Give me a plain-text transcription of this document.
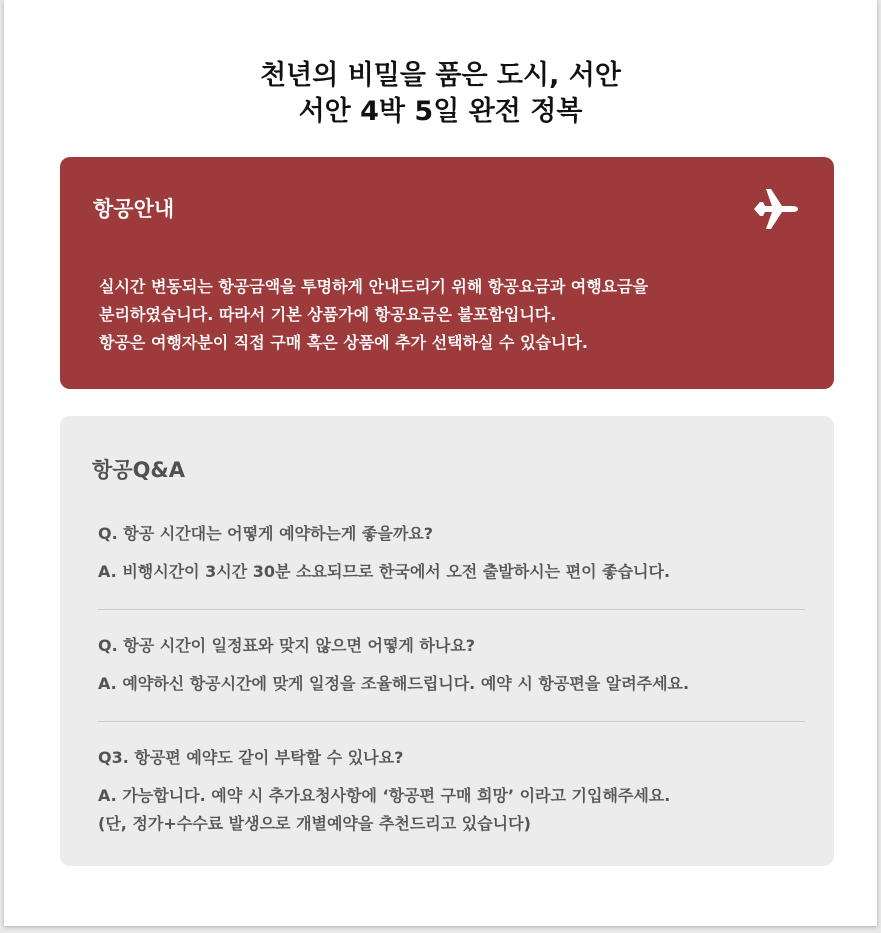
천년의 비밀을 품은 도시, 서안
서안 4박 5일 완전 정복
항공안내
실시간 변동되는 항공금액을 투명하게 안내드리기 위해 항공요금과 여행요금을
분리하였습니다. 따라서 기본 상품가에 항공요금은 불포함입니다.
항공은 여행자분이 직접 구매 혹은 상품에 추가 선택하실 수 있습니다.
항공Q&A
Q. 항공 시간대는 어떻게 예약하는게 좋을까요?
A. 비행시간이 3시간 30분 소요되므로 한국에서 오전 출발하시는 편이 좋습니다.
Q. 항공 시간이 일정표와 맞지 않으면 어떻게 하나요?
A. 예약하신 항공시간에 맞게 일정을 조율해드립니다. 예약 시 항공편을 알려주세요.
Q3. 항공편 예약도 같이 부탁할 수 있나요?
A. 가능합니다. 예약 시 추가요청사항에 ‘항공편 구매 희망’ 이라고 기입해주세요.
(단, 정가+수수료 발생으로 개별예약을 추천드리고 있습니다)
